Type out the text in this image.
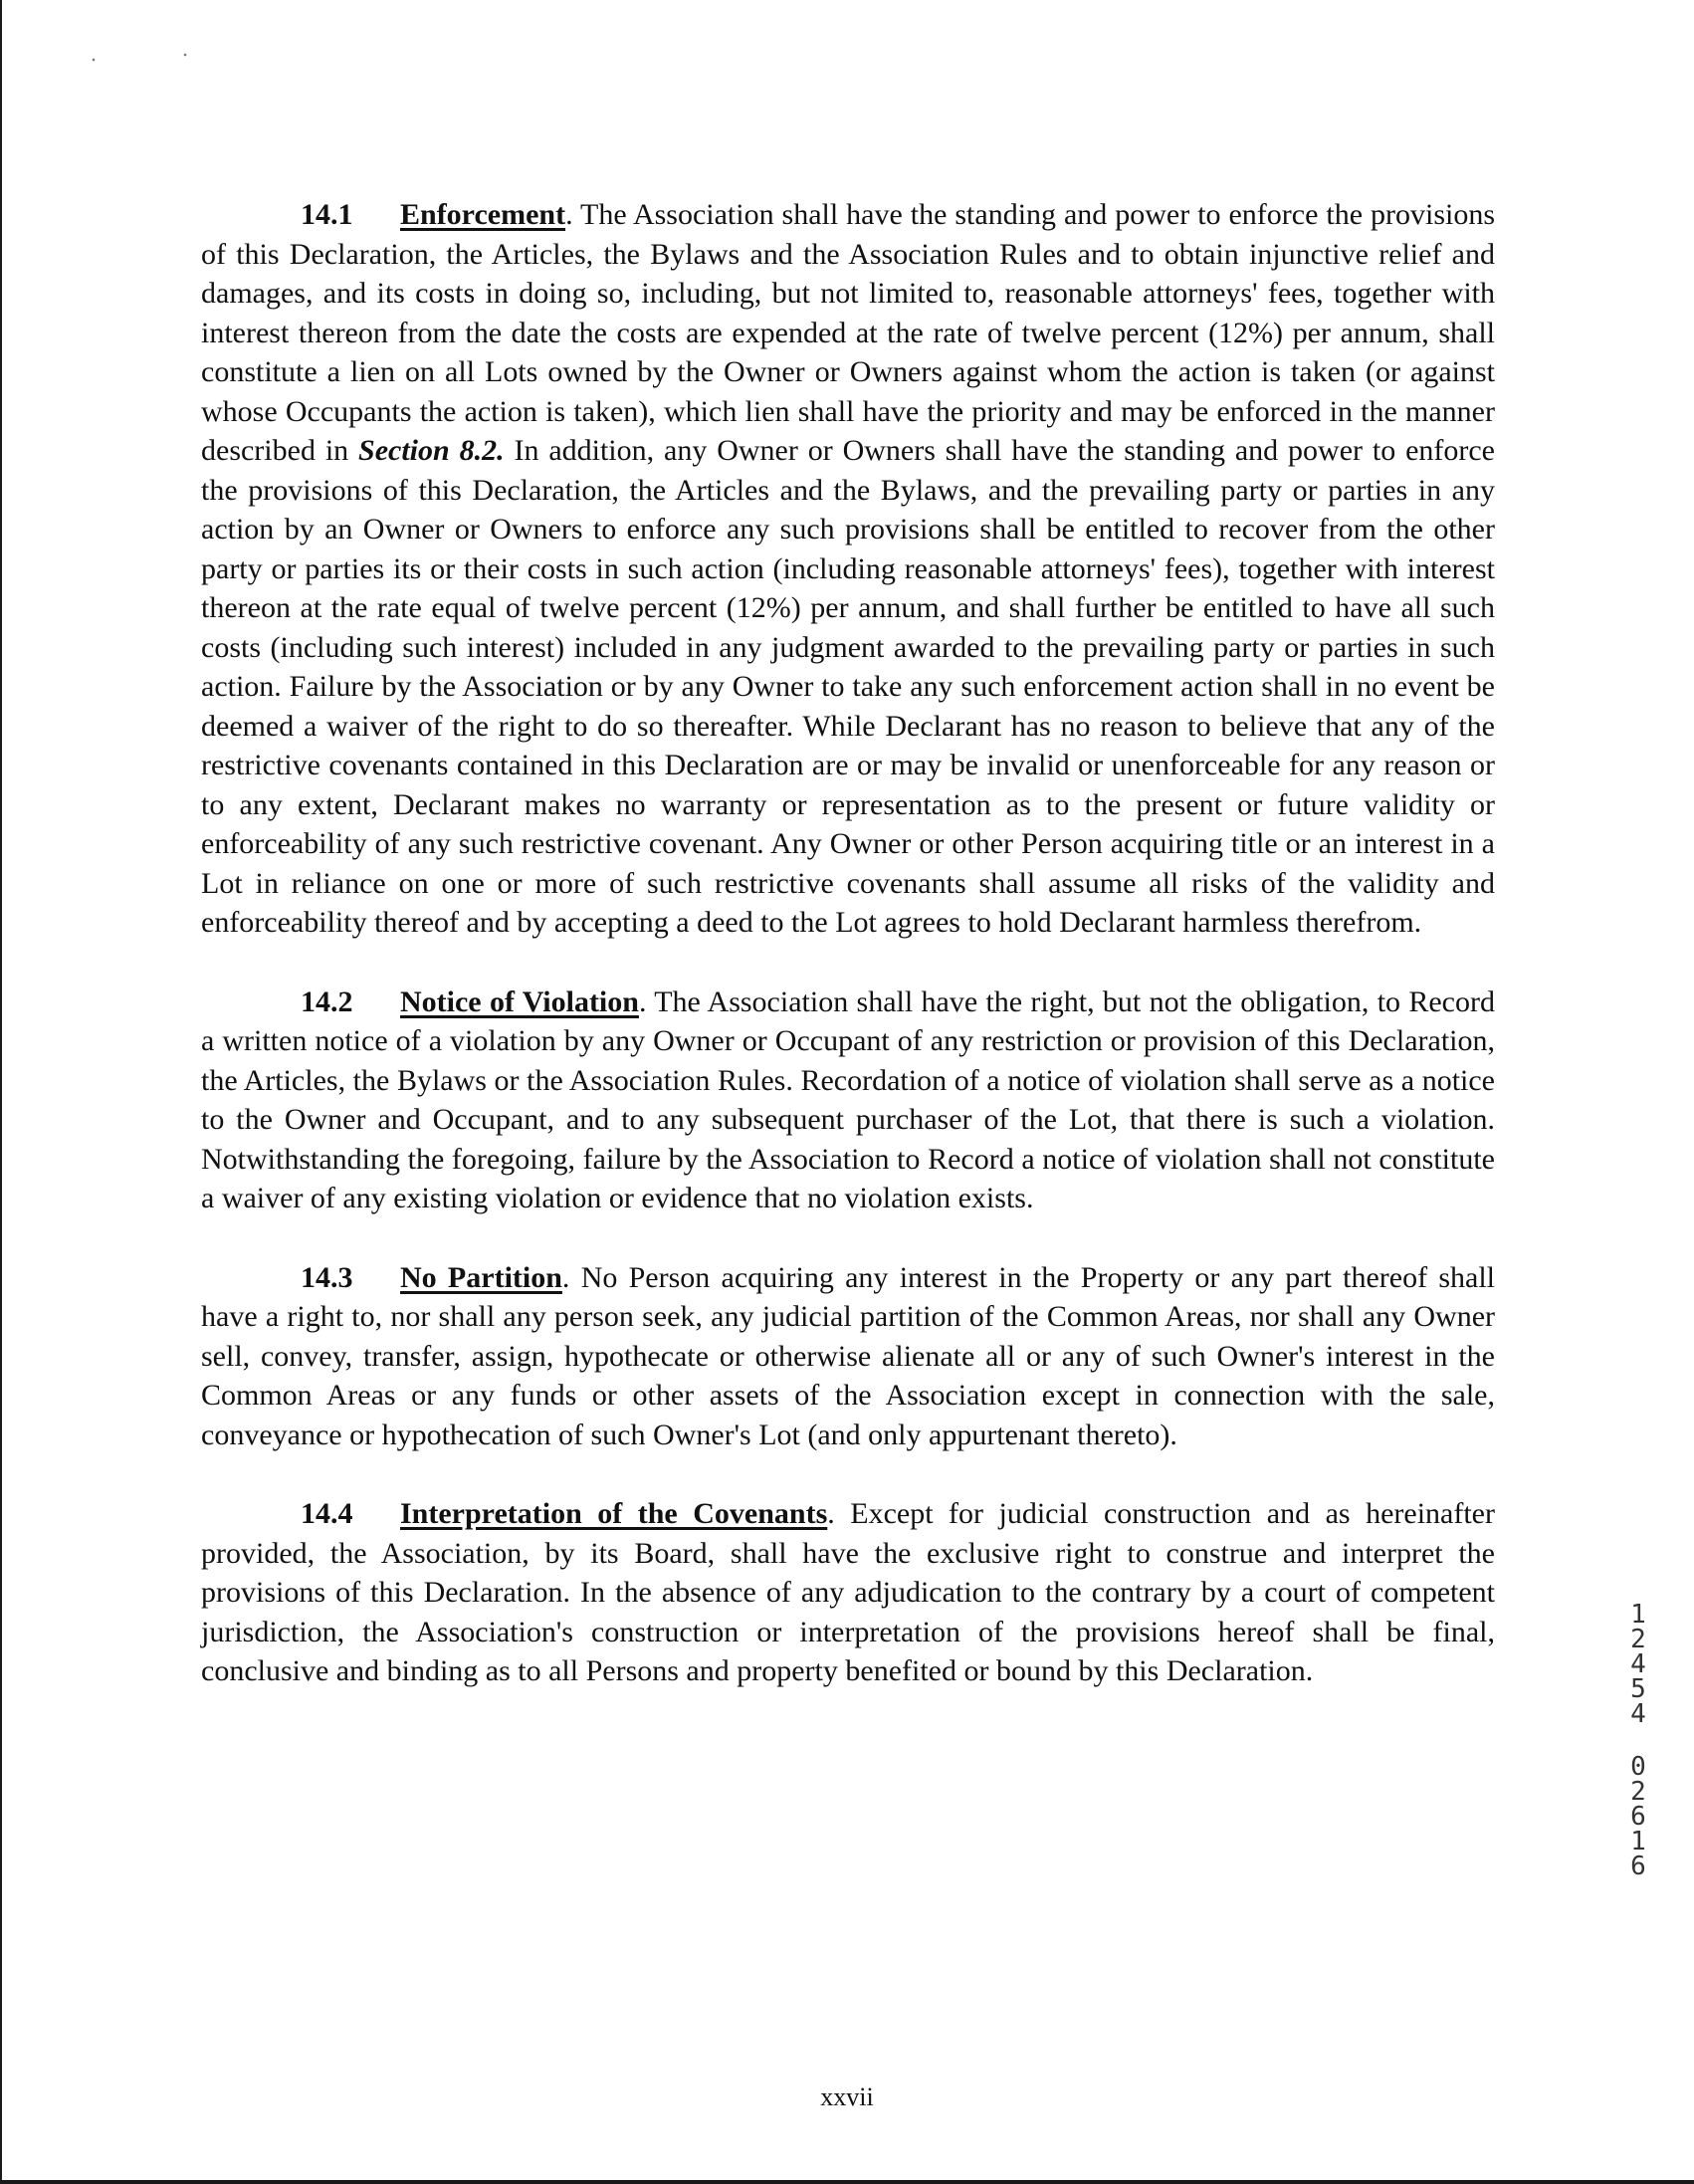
14.1 Enforcement. The Association shall have the standing and power to enforce the provisions of this Declaration, the Articles, the Bylaws and the Association Rules and to obtain injunctive relief and damages, and its costs in doing so, including, but not limited to, reasonable attorneys' fees, together with interest thereon from the date the costs are expended at the rate of twelve percent (12%) per annum, shall constitute a lien on all Lots owned by the Owner or Owners against whom the action is taken (or against whose Occupants the action is taken), which lien shall have the priority and may be enforced in the manner described in Section 8.2. In addition, any Owner or Owners shall have the standing and power to enforce the provisions of this Declaration, the Articles and the Bylaws, and the prevailing party or parties in any action by an Owner or Owners to enforce any such provisions shall be entitled to recover from the other party or parties its or their costs in such action (including reasonable attorneys' fees), together with interest thereon at the rate equal of twelve percent (12%) per annum, and shall further be entitled to have all such costs (including such interest) included in any judgment awarded to the prevailing party or parties in such action. Failure by the Association or by any Owner to take any such enforcement action shall in no event be deemed a waiver of the right to do so thereafter. While Declarant has no reason to believe that any of the restrictive covenants contained in this Declaration are or may be invalid or unenforceable for any reason or to any extent, Declarant makes no warranty or representation as to the present or future validity or enforceability of any such restrictive covenant. Any Owner or other Person acquiring title or an interest in a Lot in reliance on one or more of such restrictive covenants shall assume all risks of the validity and enforceability thereof and by accepting a deed to the Lot agrees to hold Declarant harmless therefrom.

14.2 Notice of Violation. The Association shall have the right, but not the obligation, to Record a written notice of a violation by any Owner or Occupant of any restriction or provision of this Declaration, the Articles, the Bylaws or the Association Rules. Recordation of a notice of violation shall serve as a notice to the Owner and Occupant, and to any subsequent purchaser of the Lot, that there is such a violation. Notwithstanding the foregoing, failure by the Association to Record a notice of violation shall not constitute a waiver of any existing violation or evidence that no violation exists.

14.3 No Partition. No Person acquiring any interest in the Property or any part thereof shall have a right to, nor shall any person seek, any judicial partition of the Common Areas, nor shall any Owner sell, convey, transfer, assign, hypothecate or otherwise alienate all or any of such Owner's interest in the Common Areas or any funds or other assets of the Association except in connection with the sale, conveyance or hypothecation of such Owner's Lot (and only appurtenant thereto).

14.4 Interpretation of the Covenants. Except for judicial construction and as hereinafter provided, the Association, by its Board, shall have the exclusive right to construe and interpret the provisions of this Declaration. In the absence of any adjudication to the contrary by a court of competent jurisdiction, the Association's construction or interpretation of the provisions hereof shall be final, conclusive and binding as to all Persons and property benefited or bound by this Declaration.

1
2
4
5
4
0
2
6
1
6
xxvii
